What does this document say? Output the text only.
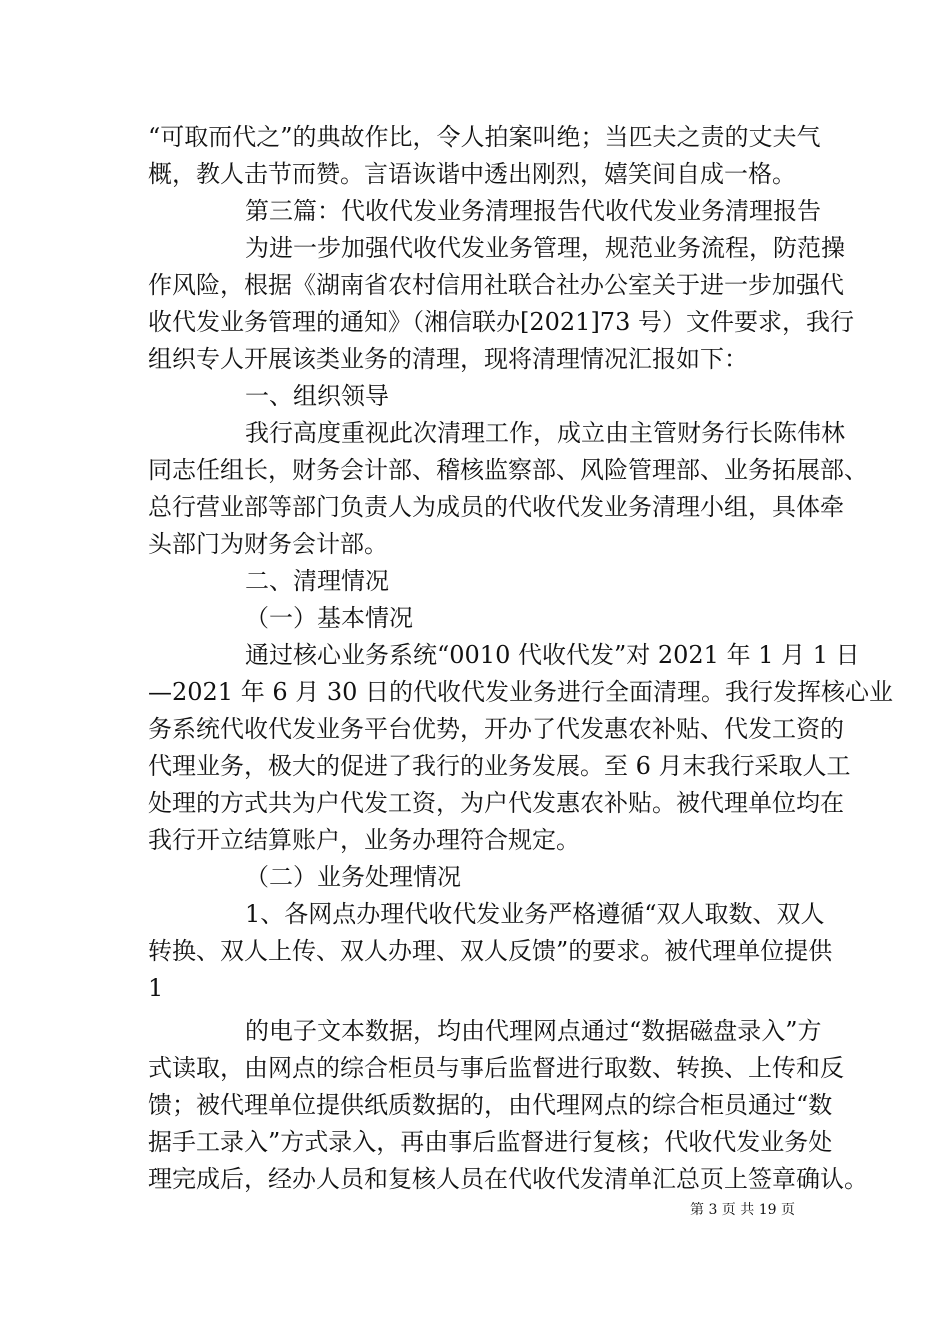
“可取而代之”的典故作比，令人拍案叫绝；当匹夫之责的丈夫气
概，教人击节而赞。言语诙谐中透出刚烈，嬉笑间自成一格。
第三篇：代收代发业务清理报告代收代发业务清理报告
为进一步加强代收代发业务管理，规范业务流程，防范操
作风险，根据《湖南省农村信用社联合社办公室关于进一步加强代
收代发业务管理的通知》（湘信联办[2021]73 号）文件要求，我行
组织专人开展该类业务的清理，现将清理情况汇报如下：
一、组织领导
我行高度重视此次清理工作，成立由主管财务行长陈伟林
同志任组长，财务会计部、稽核监察部、风险管理部、业务拓展部、
总行营业部等部门负责人为成员的代收代发业务清理小组，具体牵
头部门为财务会计部。
二、清理情况
（一）基本情况
通过核心业务系统“0010 代收代发”对 2021 年 1 月 1 日
—2021 年 6 月 30 日的代收代发业务进行全面清理。我行发挥核心业
务系统代收代发业务平台优势，开办了代发惠农补贴、代发工资的
代理业务，极大的促进了我行的业务发展。至 6 月末我行采取人工
处理的方式共为户代发工资，为户代发惠农补贴。被代理单位均在
我行开立结算账户，业务办理符合规定。
（二）业务处理情况
1、各网点办理代收代发业务严格遵循“双人取数、双人
转换、双人上传、双人办理、双人反馈”的要求。被代理单位提供
1
的电子文本数据，均由代理网点通过“数据磁盘录入”方
式读取，由网点的综合柜员与事后监督进行取数、转换、上传和反
馈；被代理单位提供纸质数据的，由代理网点的综合柜员通过“数
据手工录入”方式录入，再由事后监督进行复核；代收代发业务处
理完成后，经办人员和复核人员在代收代发清单汇总页上签章确认。
第 3 页 共 19 页
